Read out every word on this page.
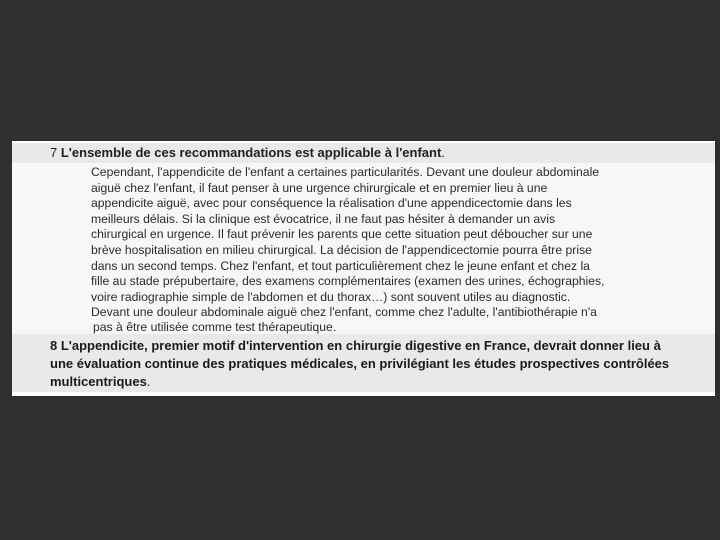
7 L'ensemble de ces recommandations est applicable à l'enfant.
Cependant, l'appendicite de l'enfant a certaines particularités. Devant une douleur abdominale
aiguë chez l'enfant, il faut penser à une urgence chirurgicale et en premier lieu à une
appendicite aiguë, avec pour conséquence la réalisation d'une appendicectomie dans les
meilleurs délais. Si la clinique est évocatrice, il ne faut pas hésiter à demander un avis
chirurgical en urgence. Il faut prévenir les parents que cette situation peut déboucher sur une
brève hospitalisation en milieu chirurgical. La décision de l'appendicectomie pourra être prise
dans un second temps. Chez l'enfant, et tout particulièrement chez le jeune enfant et chez la
fille au stade prépubertaire, des examens complémentaires (examen des urines, échographies,
voire radiographie simple de l'abdomen et du thorax…) sont souvent utiles au diagnostic.
Devant une douleur abdominale aiguë chez l'enfant, comme chez l'adulte, l'antibiothérapie n'a
pas à être utilisée comme test thérapeutique.
8 L'appendicite, premier motif d'intervention en chirurgie digestive en France, devrait donner lieu à
une évaluation continue des pratiques médicales, en privilégiant les études prospectives contrôlées
multicentriques.
